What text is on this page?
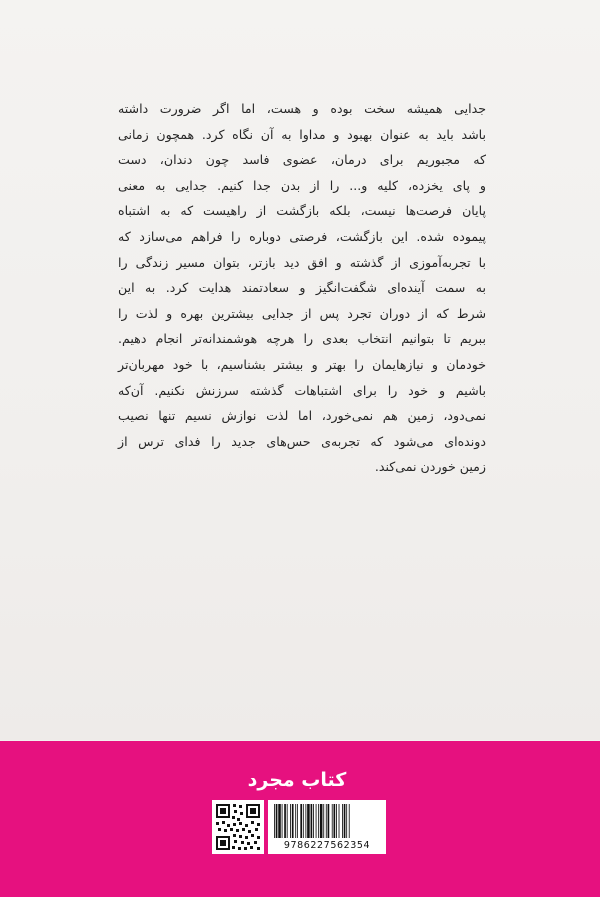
جدایی همیشه سخت بوده و هست، اما اگر ضرورت داشته
باشد باید به عنوان بهبود و مداوا به آن نگاه کرد. همچون زمانی
که مجبوریم برای درمان، عضوی فاسد چون دندان، دست
و پای یخزده، کلیه و... را از بدن جدا کنیم. جدایی به معنی
پایان فرصت‌ها نیست، بلکه بازگشت از راهیست که به اشتباه
پیموده شده. این بازگشت، فرصتی دوباره را فراهم می‌سازد که
با تجربه‌آموزی از گذشته و افق دید بازتر، بتوان مسیر زندگی را
به سمت آینده‌ای شگفت‌انگیز و سعادتمند هدایت کرد. به این
شرط که از دوران تجرد پس از جدایی بیشترین بهره و لذت را
ببریم تا بتوانیم انتخاب بعدی را هرچه هوشمندانه‌تر انجام دهیم.
خودمان و نیازهایمان را بهتر و بیشتر بشناسیم، با خود مهربان‌تر
باشیم و خود را برای اشتباهات گذشته سرزنش نکنیم. آن‌که
نمی‌دود، زمین هم نمی‌خورد، اما لذت نوازش نسیم تنها نصیب
دونده‌ای می‌شود که تجربه‌ی حس‌های جدید را فدای ترس از
زمین خوردن نمی‌کند.
کتاب مجرد
9786227562354
